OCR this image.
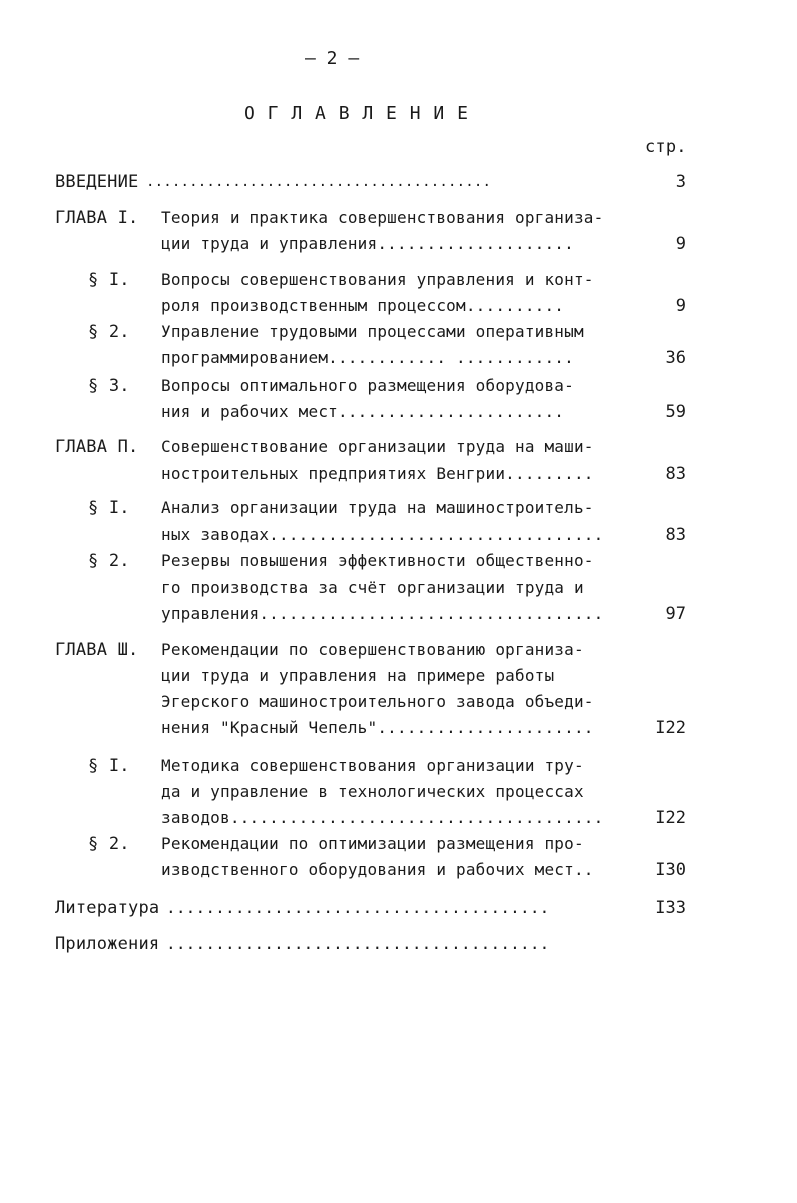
– 2 –
О Г Л А В Л Е Н И Е
стр.
ВВЕДЕНИЕ ........................................	3
ГЛАВА I. Теория и практика совершенствования организа-
ции труда и управления....................	9
§ I. Вопросы совершенствования управления и конт-
роля производственным процессом..........	9
§ 2. Управление трудовыми процессами оперативным
программированием............ ............	36
§ 3. Вопросы оптимального размещения оборудова-
ния и рабочих мест.......................	59
ГЛАВА П. Совершенствование организации труда на маши-
ностроительных предприятиях Венгрии.........	83
§ I. Анализ организации труда на машиностроитель-
ных заводах..................................	83
§ 2. Резервы повышения эффективности общественно-
го производства за счёт организации труда и
управления...................................	97
ГЛАВА Ш. Рекомендации по совершенствованию организа-
ции труда и управления на примере работы
Эгерского машиностроительного завода объеди-
нения "Красный Чепель"......................	I22
§ I. Методика совершенствования организации тру-
да и управление в технологических процессах
заводов......................................	I22
§ 2. Рекомендации по оптимизации размещения про-
изводственного оборудования и рабочих мест..	I30
Литература .......................................	I33
Приложения .......................................
